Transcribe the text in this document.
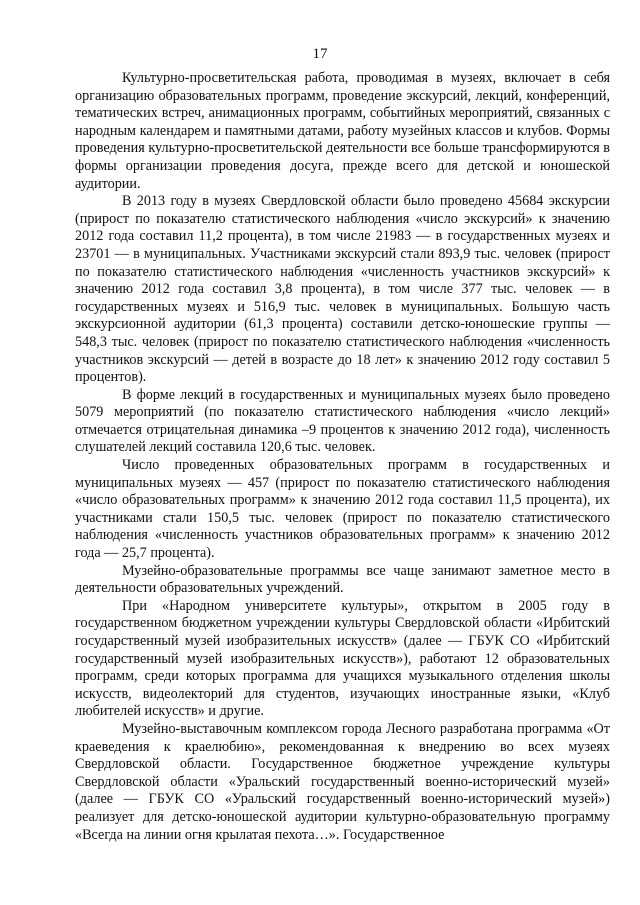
17

Культурно-просветительская работа, проводимая в музеях, включает в себя организацию образовательных программ, проведение экскурсий, лекций, конференций, тематических встреч, анимационных программ, событийных мероприятий, связанных с народным календарем и памятными датами, работу музейных классов и клубов. Формы проведения культурно-просветительской деятельности все больше трансформируются в формы организации проведения досуга, прежде всего для детской и юношеской аудитории.

В 2013 году в музеях Свердловской области было проведено 45684 экскурсии (прирост по показателю статистического наблюдения «число экскурсий» к значению 2012 года составил 11,2 процента), в том числе 21983 — в государственных музеях и 23701 — в муниципальных. Участниками экскурсий стали 893,9 тыс. человек (прирост по показателю статистического наблюдения «численность участников экскурсий» к значению 2012 года составил 3,8 процента), в том числе 377 тыс. человек — в государственных музеях и 516,9 тыс. человек в муниципальных. Большую часть экскурсионной аудитории (61,3 процента) составили детско-юношеские группы — 548,3 тыс. человек (прирост по показателю статистического наблюдения «численность участников экскурсий — детей в возрасте до 18 лет» к значению 2012 году составил 5 процентов).

В форме лекций в государственных и муниципальных музеях было проведено 5079 мероприятий (по показателю статистического наблюдения «число лекций» отмечается отрицательная динамика –9 процентов к значению 2012 года), численность слушателей лекций составила 120,6 тыс. человек.

Число проведенных образовательных программ в государственных и муниципальных музеях — 457 (прирост по показателю статистического наблюдения «число образовательных программ» к значению 2012 года составил 11,5 процента), их участниками стали 150,5 тыс. человек (прирост по показателю статистического наблюдения «численность участников образовательных программ» к значению 2012 года — 25,7 процента).

Музейно-образовательные программы все чаще занимают заметное место в деятельности образовательных учреждений.

При «Народном университете культуры», открытом в 2005 году в государственном бюджетном учреждении культуры Свердловской области «Ирбитский государственный музей изобразительных искусств» (далее — ГБУК СО «Ирбитский государственный музей изобразительных искусств»), работают 12 образовательных программ, среди которых программа для учащихся музыкального отделения школы искусств, видеолекторий для студентов, изучающих иностранные языки, «Клуб любителей искусств» и другие.

Музейно-выставочным комплексом города Лесного разработана программа «От краеведения к краелюбию», рекомендованная к внедрению во всех музеях Свердловской области. Государственное бюджетное учреждение культуры Свердловской области «Уральский государственный военно-исторический музей» (далее — ГБУК СО «Уральский государственный военно-исторический музей») реализует для детско-юношеской аудитории культурно-образовательную программу «Всегда на линии огня крылатая пехота…». Государственное
